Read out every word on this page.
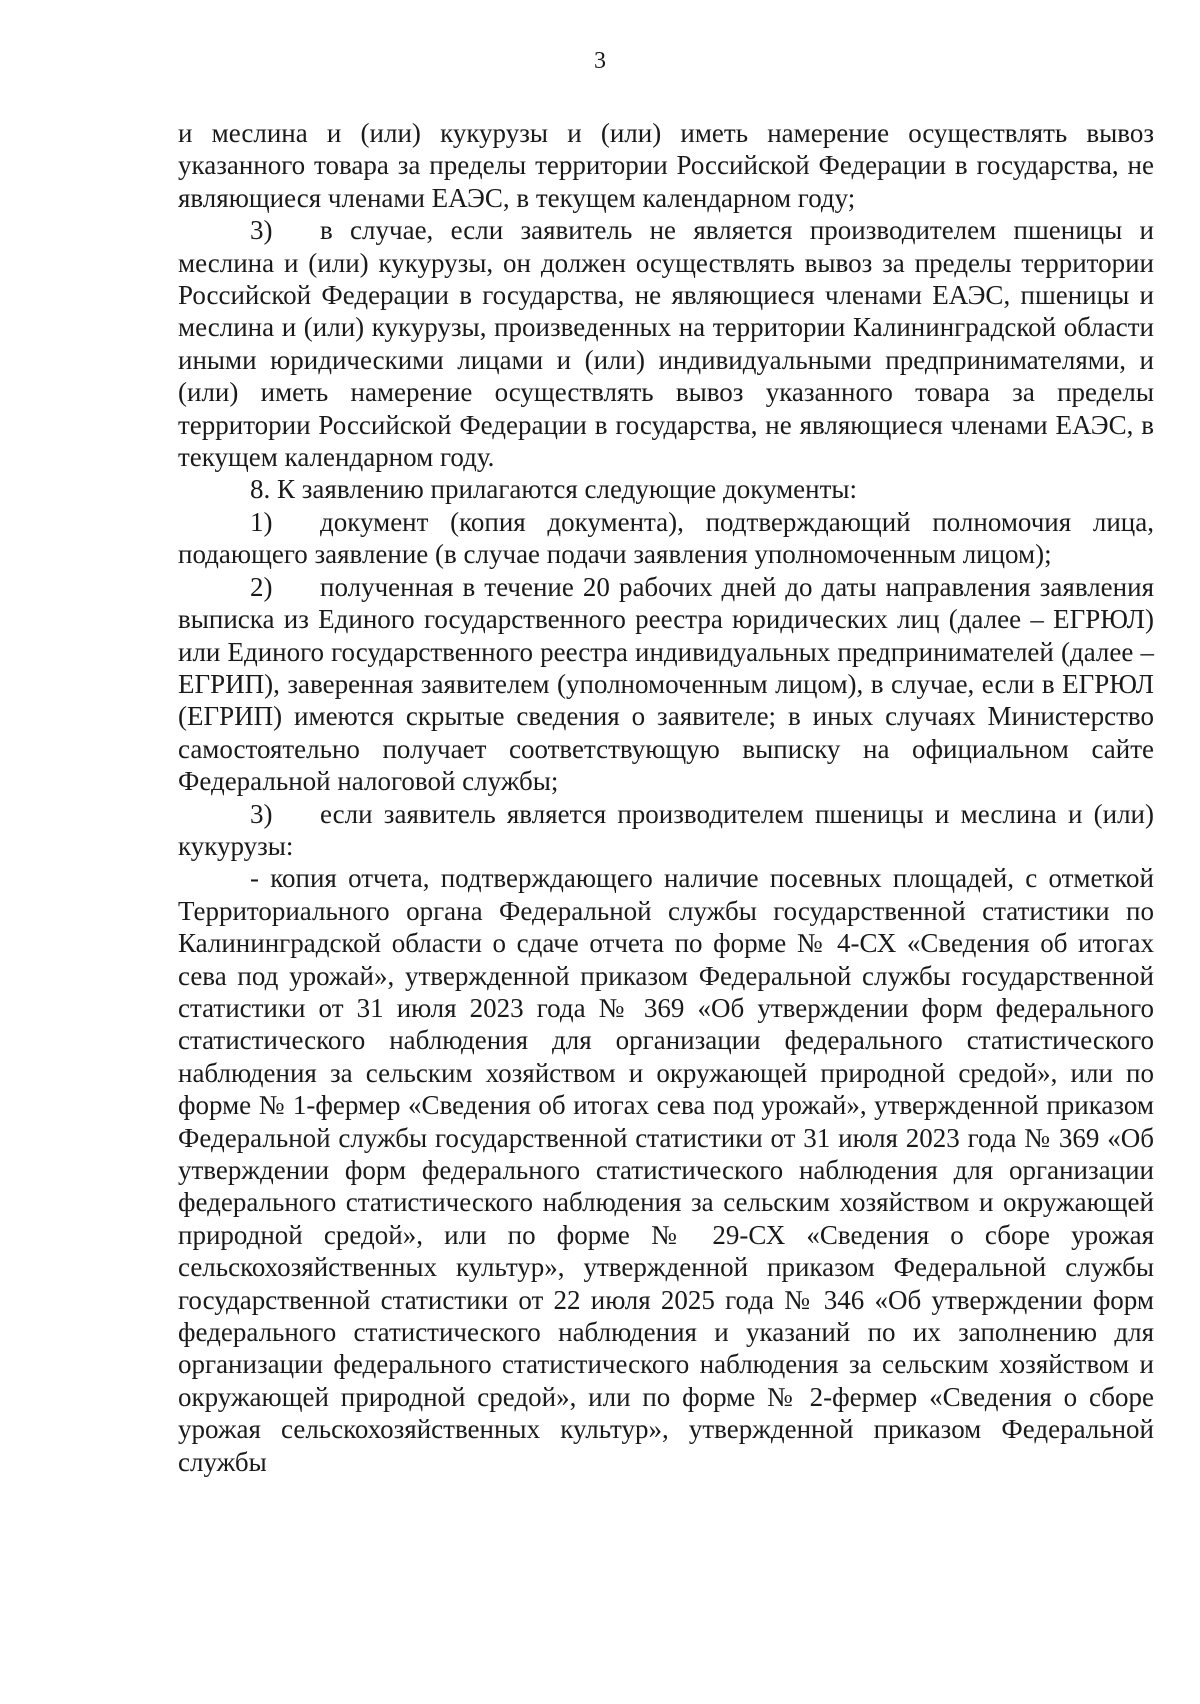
3

и меслина и (или) кукурузы и (или) иметь намерение осуществлять вывоз указанного товара за пределы территории Российской Федерации в государства, не являющиеся членами ЕАЭС, в текущем календарном году;

3) в случае, если заявитель не является производителем пшеницы и меслина и (или) кукурузы, он должен осуществлять вывоз за пределы территории Российской Федерации в государства, не являющиеся членами ЕАЭС, пшеницы и меслина и (или) кукурузы, произведенных на территории Калининградской области иными юридическими лицами и (или) индивидуальными предпринимателями, и (или) иметь намерение осуществлять вывоз указанного товара за пределы территории Российской Федерации в государства, не являющиеся членами ЕАЭС, в текущем календарном году.

8. К заявлению прилагаются следующие документы:

1) документ (копия документа), подтверждающий полномочия лица, подающего заявление (в случае подачи заявления уполномоченным лицом);

2) полученная в течение 20 рабочих дней до даты направления заявления выписка из Единого государственного реестра юридических лиц (далее – ЕГРЮЛ) или Единого государственного реестра индивидуальных предпринимателей (далее – ЕГРИП), заверенная заявителем (уполномоченным лицом), в случае, если в ЕГРЮЛ (ЕГРИП) имеются скрытые сведения о заявителе; в иных случаях Министерство самостоятельно получает соответствующую выписку на официальном сайте Федеральной налоговой службы;

3) если заявитель является производителем пшеницы и меслина и (или) кукурузы:

- копия отчета, подтверждающего наличие посевных площадей, с отметкой Территориального органа Федеральной службы государственной статистики по Калининградской области о сдаче отчета по форме № 4-СХ «Сведения об итогах сева под урожай», утвержденной приказом Федеральной службы государственной статистики от 31 июля 2023 года № 369 «Об утверждении форм федерального статистического наблюдения для организации федерального статистического наблюдения за сельским хозяйством и окружающей природной средой», или по форме № 1-фермер «Сведения об итогах сева под урожай», утвержденной приказом Федеральной службы государственной статистики от 31 июля 2023 года № 369 «Об утверждении форм федерального статистического наблюдения для организации федерального статистического наблюдения за сельским хозяйством и окружающей природной средой», или по форме № 29-СХ «Сведения о сборе урожая сельскохозяйственных культур», утвержденной приказом Федеральной службы государственной статистики от 22 июля 2025 года № 346 «Об утверждении форм федерального статистического наблюдения и указаний по их заполнению для организации федерального статистического наблюдения за сельским хозяйством и окружающей природной средой», или по форме № 2-фермер «Сведения о сборе урожая сельскохозяйственных культур», утвержденной приказом Федеральной службы
